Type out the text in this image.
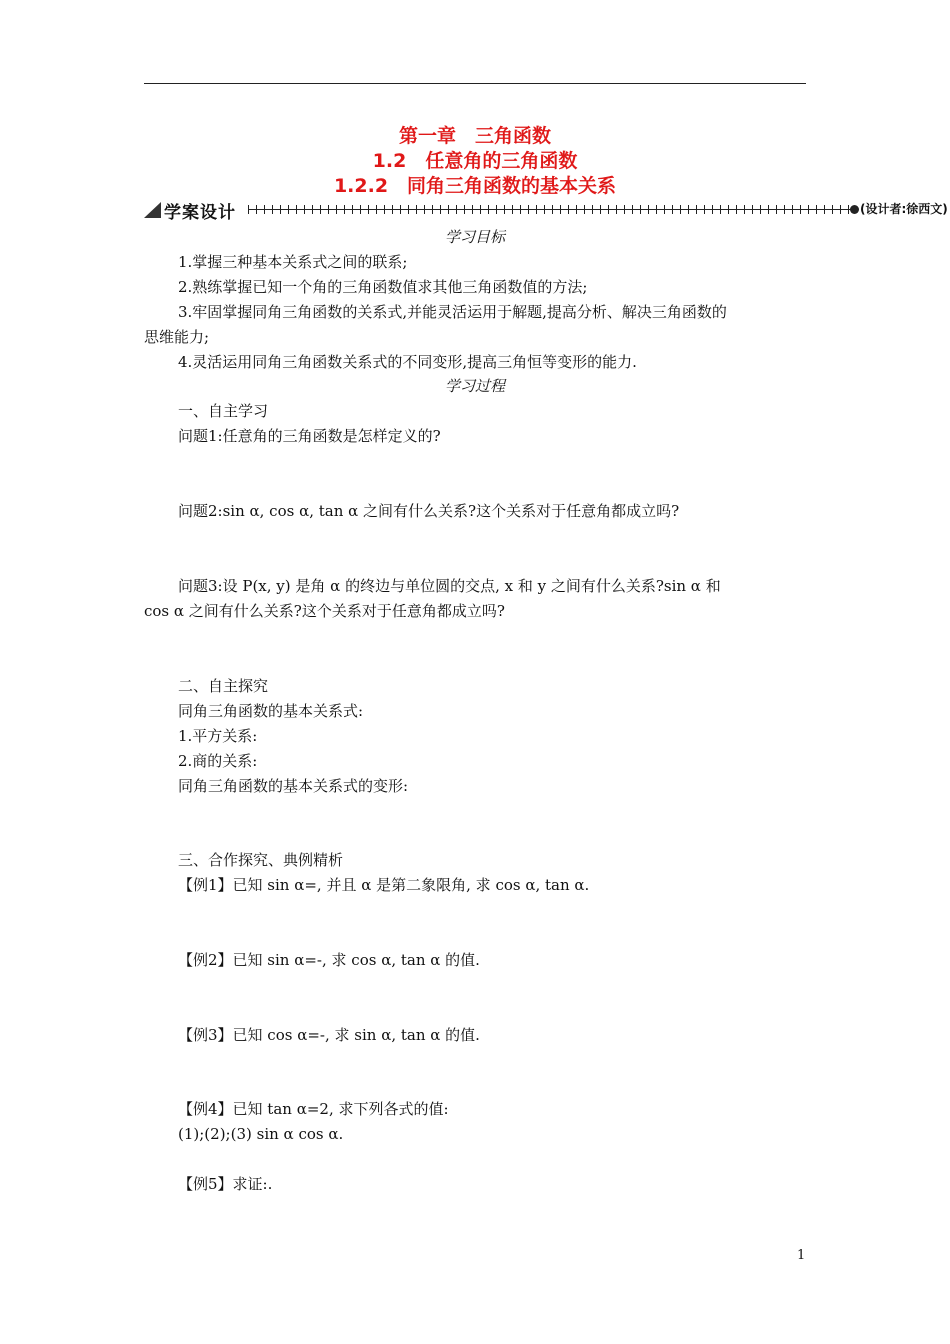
第一章　三角函数
1.2　任意角的三角函数
1.2.2　同角三角函数的基本关系
学案设计	(设计者:徐西文)
学习目标
1.掌握三种基本关系式之间的联系;
2.熟练掌握已知一个角的三角函数值求其他三角函数值的方法;
3.牢固掌握同角三角函数的关系式,并能灵活运用于解题,提高分析、解决三角函数的
思维能力;
4.灵活运用同角三角函数关系式的不同变形,提高三角恒等变形的能力.
学习过程
一、自主学习
问题1:任意角的三角函数是怎样定义的?
问题2:sin α, cos α, tan α 之间有什么关系?这个关系对于任意角都成立吗?
问题3:设 P(x, y) 是角 α 的终边与单位圆的交点, x 和 y 之间有什么关系?sin α 和
cos α 之间有什么关系?这个关系对于任意角都成立吗?
二、自主探究
同角三角函数的基本关系式:
1.平方关系:
2.商的关系:
同角三角函数的基本关系式的变形:
三、合作探究、典例精析
【例1】已知 sin α=, 并且 α 是第二象限角, 求 cos α, tan α.
【例2】已知 sin α=-, 求 cos α, tan α 的值.
【例3】已知 cos α=-, 求 sin α, tan α 的值.
【例4】已知 tan α=2, 求下列各式的值:
(1);(2);(3) sin α cos α.
【例5】求证:.
1
